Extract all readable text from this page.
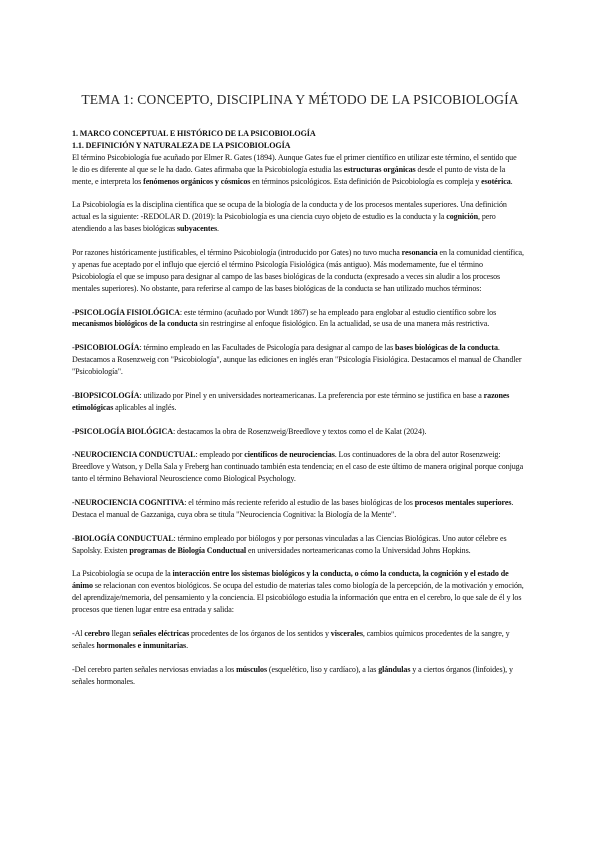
TEMA 1: CONCEPTO, DISCIPLINA Y MÉTODO DE LA PSICOBIOLOGÍA
1. MARCO CONCEPTUAL E HISTÓRICO DE LA PSICOBIOLOGÍA
1.1. DEFINICIÓN Y NATURALEZA DE LA PSICOBIOLOGÍA

El término Psicobiología fue acuñado por Elmer R. Gates (1894). Aunque Gates fue el primer científico en utilizar este término, el sentido que le dio es diferente al que se le ha dado. Gates afirmaba que la Psicobiología estudia las estructuras orgánicas desde el punto de vista de la mente, e interpreta los fenómenos orgánicos y cósmicos en términos psicológicos. Esta definición de Psicobiología es compleja y esotérica.

La Psicobiología es la disciplina científica que se ocupa de la biología de la conducta y de los procesos mentales superiores. Una definición actual es la siguiente: -REDOLAR D. (2019): la Psicobiología es una ciencia cuyo objeto de estudio es la conducta y la cognición, pero atendiendo a las bases biológicas subyacentes.

Por razones históricamente justificables, el término Psicobiología (introducido por Gates) no tuvo mucha resonancia en la comunidad científica, y apenas fue aceptado por el influjo que ejerció el término Psicología Fisiológica (más antiguo). Más modernamente, fue el término Psicobiología el que se impuso para designar al campo de las bases biológicas de la conducta (expresado a veces sin aludir a los procesos mentales superiores). No obstante, para referirse al campo de las bases biológicas de la conducta se han utilizado muchos términos:

-PSICOLOGÍA FISIOLÓGICA: este término (acuñado por Wundt 1867) se ha empleado para englobar al estudio científico sobre los mecanismos biológicos de la conducta sin restringirse al enfoque fisiológico. En la actualidad, se usa de una manera más restrictiva.

-PSICOBIOLOGÍA: término empleado en las Facultades de Psicología para designar al campo de las bases biológicas de la conducta. Destacamos a Rosenzweig con "Psicobiología", aunque las ediciones en inglés eran "Psicología Fisiológica. Destacamos el manual de Chandler "Psicobiología".

-BIOPSICOLOGÍA: utilizado por Pinel y en universidades norteamericanas. La preferencia por este término se justifica en base a razones etimológicas aplicables al inglés.

-PSICOLOGÍA BIOLÓGICA: destacamos la obra de Rosenzweig/Breedlove y textos como el de Kalat (2024).

-NEUROCIENCIA CONDUCTUAL: empleado por científicos de neurociencias. Los continuadores de la obra del autor Rosenzweig: Breedlove y Watson, y Della Sala y Freberg han continuado también esta tendencia; en el caso de este último de manera original porque conjuga tanto el término Behavioral Neuroscience como Biological Psychology.

-NEUROCIENCIA COGNITIVA: el término más reciente referido al estudio de las bases biológicas de los procesos mentales superiores. Destaca el manual de Gazzaniga, cuya obra se titula "Neurociencia Cognitiva: la Biología de la Mente".

-BIOLOGÍA CONDUCTUAL: término empleado por biólogos y por personas vinculadas a las Ciencias Biológicas. Uno autor célebre es Sapolsky. Existen programas de Biología Conductual en universidades norteamericanas como la Universidad Johns Hopkins.

La Psicobiología se ocupa de la interacción entre los sistemas biológicos y la conducta, o cómo la conducta, la cognición y el estado de ánimo se relacionan con eventos biológicos. Se ocupa del estudio de materias tales como biología de la percepción, de la motivación y emoción, del aprendizaje/memoria, del pensamiento y la conciencia. El psicobiólogo estudia la información que entra en el cerebro, lo que sale de él y los procesos que tienen lugar entre esa entrada y salida:

-Al cerebro llegan señales eléctricas procedentes de los órganos de los sentidos y viscerales, cambios químicos procedentes de la sangre, y señales hormonales e inmunitarias.

-Del cerebro parten señales nerviosas enviadas a los músculos (esquelético, liso y cardíaco), a las glándulas y a ciertos órganos (linfoides), y señales hormonales.
